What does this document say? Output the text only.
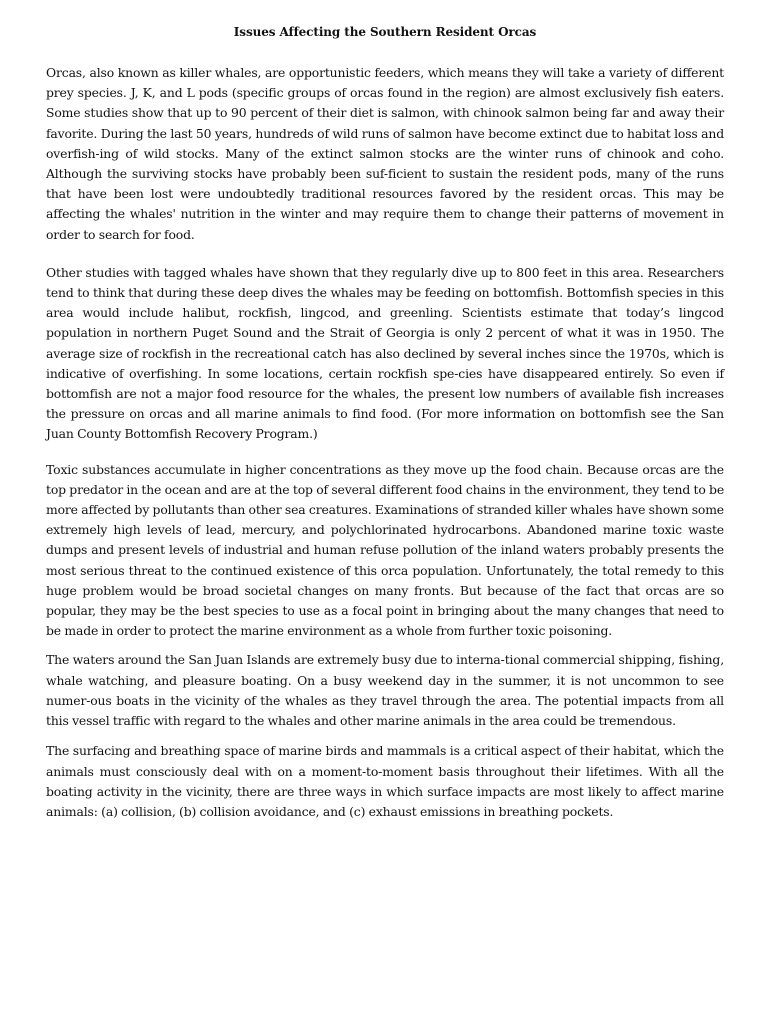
Issues Affecting the Southern Resident Orcas

Orcas, also known as killer whales, are opportunistic feeders, which means they will take a variety of different prey species. J, K, and L pods (specific groups of orcas found in the region) are almost exclusively fish eaters. Some studies show that up to 90 percent of their diet is salmon, with chinook salmon being far and away their favorite. During the last 50 years, hundreds of wild runs of salmon have become extinct due to habitat loss and overfish-ing of wild stocks. Many of the extinct salmon stocks are the winter runs of chinook and coho. Although the surviving stocks have probably been suf-ficient to sustain the resident pods, many of the runs that have been lost were undoubtedly traditional resources favored by the resident orcas. This may be affecting the whales' nutrition in the winter and may require them to change their patterns of movement in order to search for food.

Other studies with tagged whales have shown that they regularly dive up to 800 feet in this area. Researchers tend to think that during these deep dives the whales may be feeding on bottomfish. Bottomfish species in this area would include halibut, rockfish, lingcod, and greenling. Scientists estimate that today’s lingcod population in northern Puget Sound and the Strait of Georgia is only 2 percent of what it was in 1950. The average size of rockfish in the recreational catch has also declined by several inches since the 1970s, which is indicative of overfishing. In some locations, certain rockfish spe-cies have disappeared entirely. So even if bottomfish are not a major food resource for the whales, the present low numbers of available fish increases the pressure on orcas and all marine animals to find food. (For more information on bottomfish see the San Juan County Bottomfish Recovery Program.)

Toxic substances accumulate in higher concentrations as they move up the food chain. Because orcas are the top predator in the ocean and are at the top of several different food chains in the environment, they tend to be more affected by pollutants than other sea creatures. Examinations of stranded killer whales have shown some extremely high levels of lead, mercury, and polychlorinated hydrocarbons. Abandoned marine toxic waste dumps and present levels of industrial and human refuse pollution of the inland waters probably presents the most serious threat to the continued existence of this orca population. Unfortunately, the total remedy to this huge problem would be broad societal changes on many fronts. But because of the fact that orcas are so popular, they may be the best species to use as a focal point in bringing about the many changes that need to be made in order to protect the marine environment as a whole from further toxic poisoning.

The waters around the San Juan Islands are extremely busy due to interna-tional commercial shipping, fishing, whale watching, and pleasure boating. On a busy weekend day in the summer, it is not uncommon to see numer-ous boats in the vicinity of the whales as they travel through the area. The potential impacts from all this vessel traffic with regard to the whales and other marine animals in the area could be tremendous.

The surfacing and breathing space of marine birds and mammals is a critical aspect of their habitat, which the animals must consciously deal with on a moment-to-moment basis throughout their lifetimes. With all the boating activity in the vicinity, there are three ways in which surface impacts are most likely to affect marine animals: (a) collision, (b) collision avoidance, and (c) exhaust emissions in breathing pockets.
